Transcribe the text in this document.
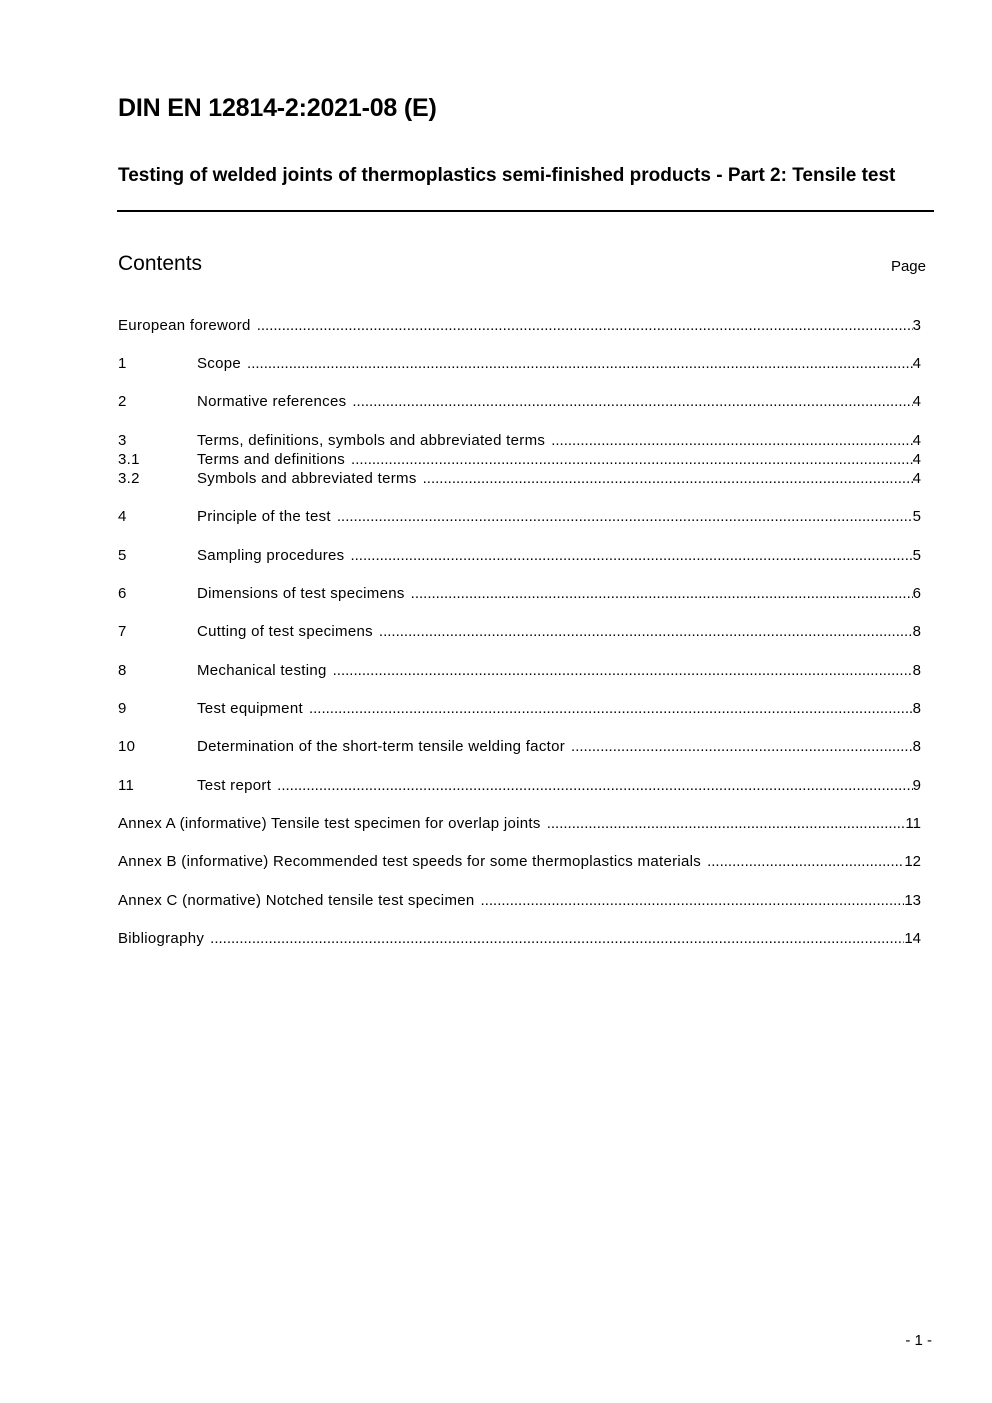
DIN EN 12814-2:2021-08 (E)
Testing of welded joints of thermoplastics semi-finished products - Part 2: Tensile test
Contents	Page
European foreword .....	3
1	Scope .....	4
2	Normative references .....	4
3	Terms, definitions, symbols and abbreviated terms .....	4
3.1	Terms and definitions .....	4
3.2	Symbols and abbreviated terms .....	4
4	Principle of the test .....	5
5	Sampling procedures .....	5
6	Dimensions of test specimens .....	6
7	Cutting of test specimens .....	8
8	Mechanical testing .....	8
9	Test equipment .....	8
10	Determination of the short-term tensile welding factor .....	8
11	Test report .....	9
Annex A (informative) Tensile test specimen for overlap joints .....	11
Annex B (informative) Recommended test speeds for some thermoplastics materials .....	12
Annex C (normative) Notched tensile test specimen .....	13
Bibliography .....	14
- 1 -
